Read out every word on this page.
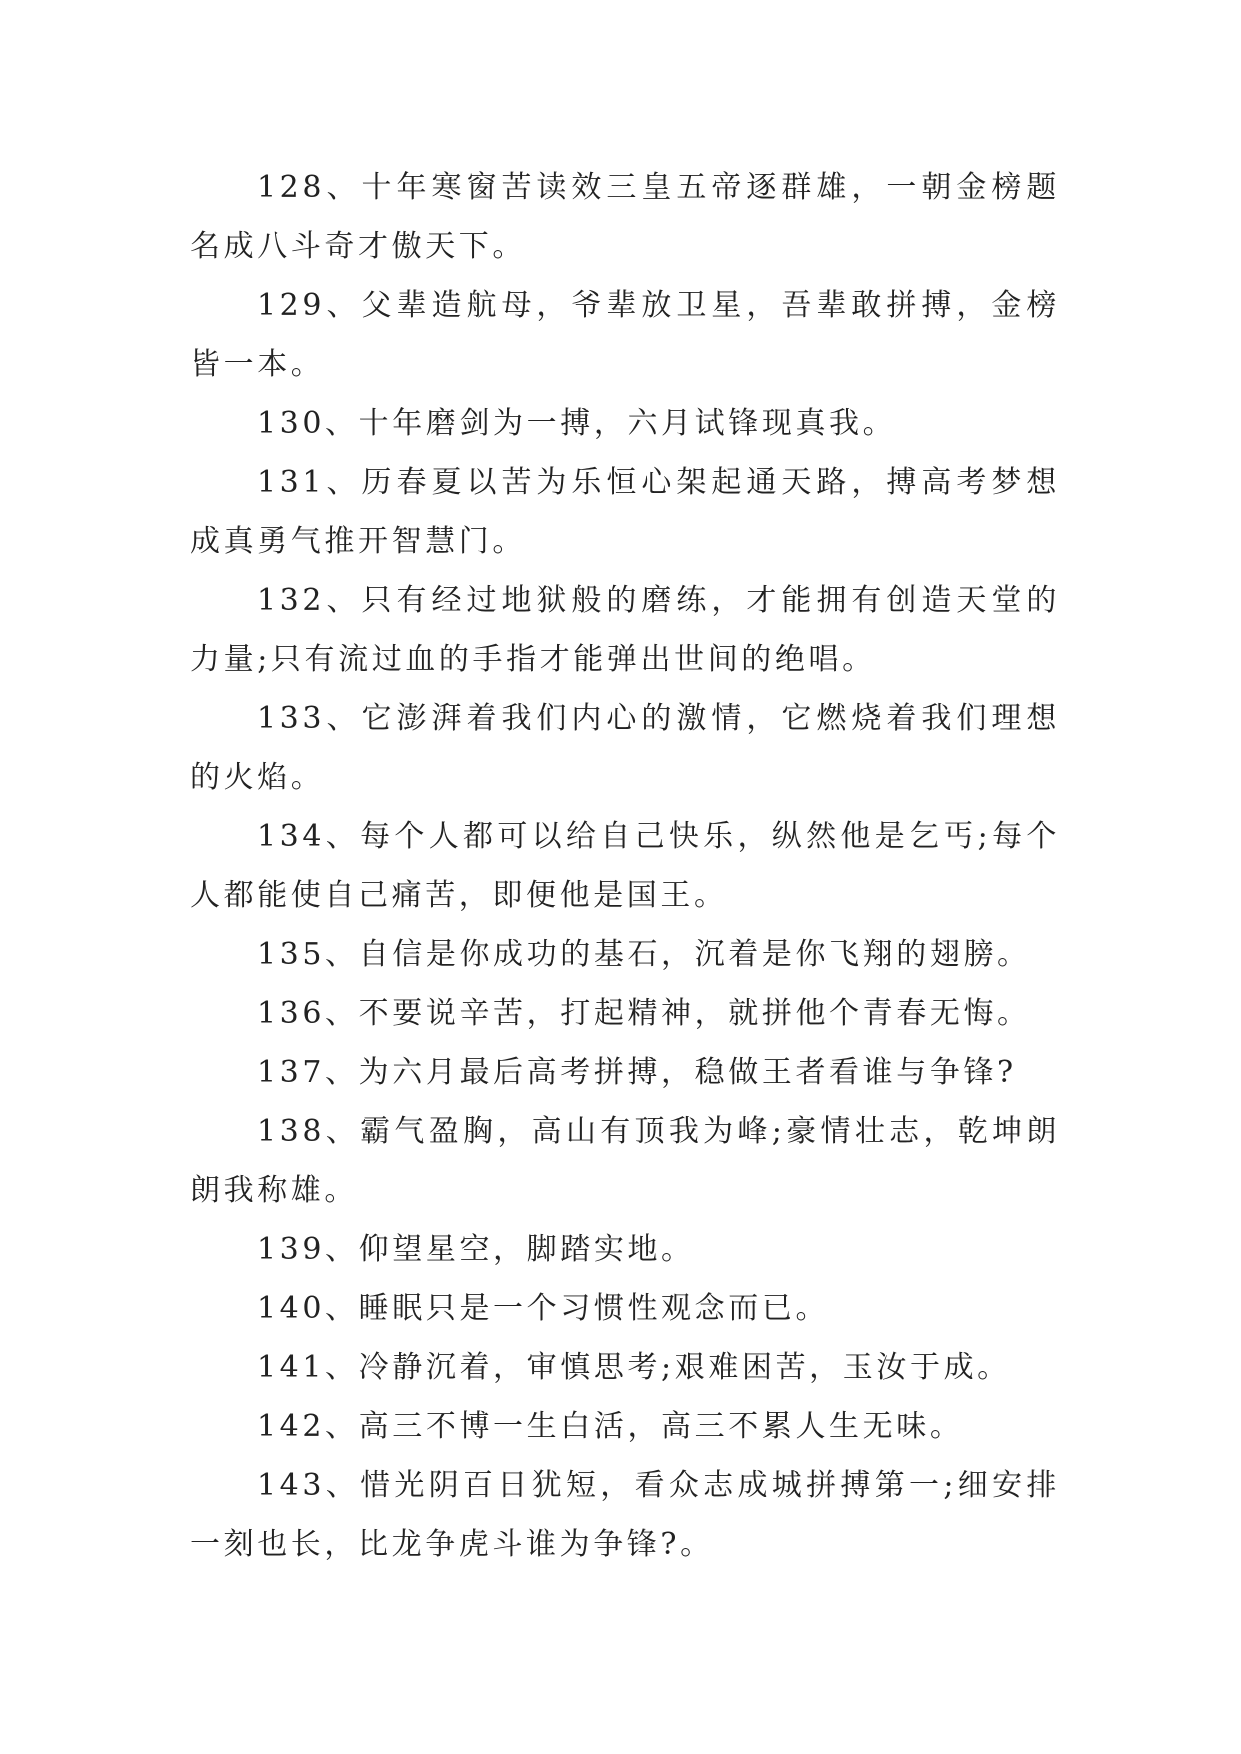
128、十年寒窗苦读效三皇五帝逐群雄，一朝金榜题名成八斗奇才傲天下。

129、父辈造航母，爷辈放卫星，吾辈敢拼搏，金榜皆一本。

130、十年磨剑为一搏，六月试锋现真我。

131、历春夏以苦为乐恒心架起通天路，搏高考梦想成真勇气推开智慧门。

132、只有经过地狱般的磨练，才能拥有创造天堂的力量;只有流过血的手指才能弹出世间的绝唱。

133、它澎湃着我们内心的激情，它燃烧着我们理想的火焰。

134、每个人都可以给自己快乐，纵然他是乞丐;每个人都能使自己痛苦，即便他是国王。

135、自信是你成功的基石，沉着是你飞翔的翅膀。

136、不要说辛苦，打起精神，就拼他个青春无悔。

137、为六月最后高考拼搏，稳做王者看谁与争锋?

138、霸气盈胸，高山有顶我为峰;豪情壮志，乾坤朗朗我称雄。

139、仰望星空，脚踏实地。

140、睡眠只是一个习惯性观念而已。

141、冷静沉着，审慎思考;艰难困苦，玉汝于成。

142、高三不博一生白活，高三不累人生无味。

143、惜光阴百日犹短，看众志成城拼搏第一;细安排一刻也长，比龙争虎斗谁为争锋?。
